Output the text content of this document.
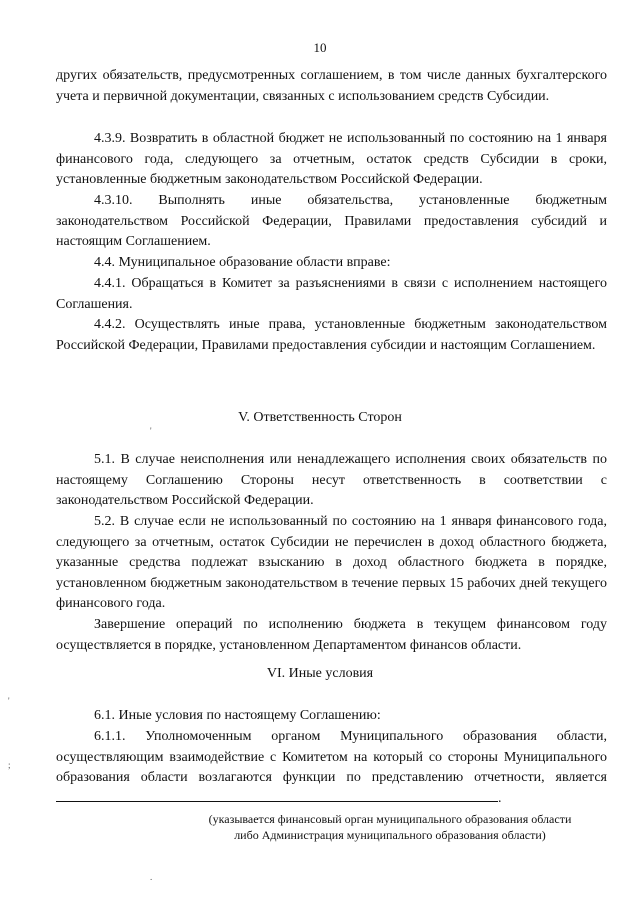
10

других обязательств, предусмотренных соглашением, в том числе данных бухгалтерского учета и первичной документации, связанных с использованием средств Субсидии.

4.3.9. Возвратить в областной бюджет не использованный по состоянию на 1 января финансового года, следующего за отчетным, остаток средств Субсидии в сроки, установленные бюджетным законодательством Российской Федерации.

4.3.10. Выполнять иные обязательства, установленные бюджетным законодательством Российской Федерации, Правилами предоставления субсидий и настоящим Соглашением.

4.4. Муниципальное образование области вправе:

4.4.1. Обращаться в Комитет за разъяснениями в связи с исполнением настоящего Соглашения.

4.4.2. Осуществлять иные права, установленные бюджетным законодательством Российской Федерации, Правилами предоставления субсидии и настоящим Соглашением.

V. Ответственность Сторон

5.1. В случае неисполнения или ненадлежащего исполнения своих обязательств по настоящему Соглашению Стороны несут ответственность в соответствии с законодательством Российской Федерации.

5.2. В случае если не использованный по состоянию на 1 января финансового года, следующего за отчетным, остаток Субсидии не перечислен в доход областного бюджета, указанные средства подлежат взысканию в доход областного бюджета в порядке, установленном бюджетным законодательством в течение первых 15 рабочих дней текущего финансового года.

Завершение операций по исполнению бюджета в текущем финансовом году осуществляется в порядке, установленном Департаментом финансов области.

VI. Иные условия

6.1. Иные условия по настоящему Соглашению:

6.1.1. Уполномоченным органом Муниципального образования области, осуществляющим взаимодействие с Комитетом на который со стороны Муниципального образования области возлагаются функции по представлению отчетности, является .

(указывается финансовый орган муниципального образования области

либо Администрация муниципального образования области)

'
'
;
.
